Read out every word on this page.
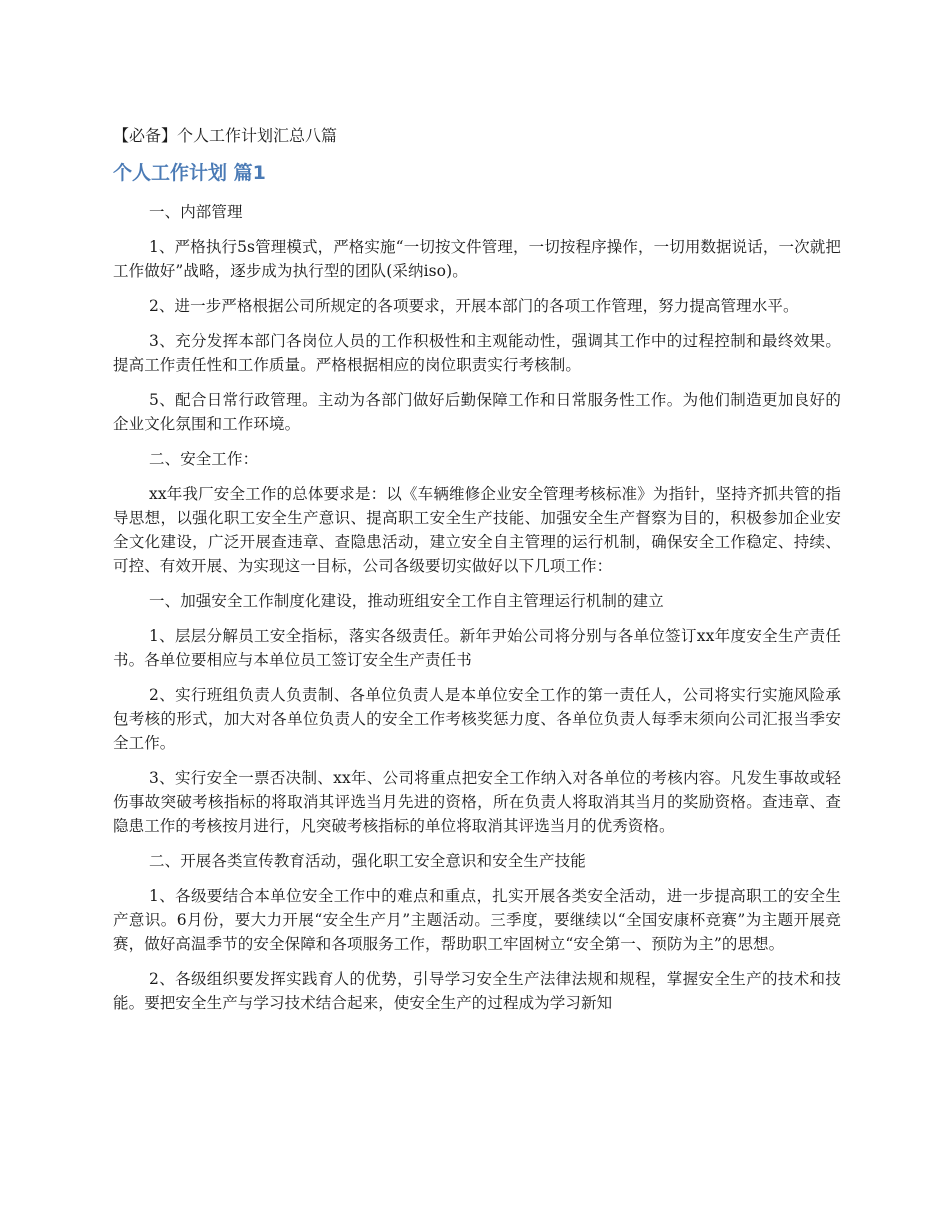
【必备】个人工作计划汇总八篇
个人工作计划 篇1

一、内部管理

1、严格执行5s管理模式，严格实施“一切按文件管理，一切按程序操作，一切用数据说话，一次就把工作做好”战略，逐步成为执行型的团队(采纳iso)。

2、进一步严格根据公司所规定的各项要求，开展本部门的各项工作管理，努力提高管理水平。

3、充分发挥本部门各岗位人员的工作积极性和主观能动性，强调其工作中的过程控制和最终效果。提高工作责任性和工作质量。严格根据相应的岗位职责实行考核制。

5、配合日常行政管理。主动为各部门做好后勤保障工作和日常服务性工作。为他们制造更加良好的企业文化氛围和工作环境。

二、安全工作：

xx年我厂安全工作的总体要求是：以《车辆维修企业安全管理考核标准》为指针，坚持齐抓共管的指导思想，以强化职工安全生产意识、提高职工安全生产技能、加强安全生产督察为目的，积极参加企业安全文化建设，广泛开展查违章、查隐患活动，建立安全自主管理的运行机制，确保安全工作稳定、持续、可控、有效开展、为实现这一目标，公司各级要切实做好以下几项工作：

一、加强安全工作制度化建设，推动班组安全工作自主管理运行机制的建立

1、层层分解员工安全指标，落实各级责任。新年尹始公司将分别与各单位签订xx年度安全生产责任书。各单位要相应与本单位员工签订安全生产责任书

2、实行班组负责人负责制、各单位负责人是本单位安全工作的第一责任人，公司将实行实施风险承包考核的形式，加大对各单位负责人的安全工作考核奖惩力度、各单位负责人每季末须向公司汇报当季安全工作。

3、实行安全一票否决制、xx年、公司将重点把安全工作纳入对各单位的考核内容。凡发生事故或轻伤事故突破考核指标的将取消其评选当月先进的资格，所在负责人将取消其当月的奖励资格。查违章、查隐患工作的考核按月进行，凡突破考核指标的单位将取消其评选当月的优秀资格。

二、开展各类宣传教育活动，强化职工安全意识和安全生产技能

1、各级要结合本单位安全工作中的难点和重点，扎实开展各类安全活动，进一步提高职工的安全生产意识。6月份，要大力开展“安全生产月”主题活动。三季度，要继续以“全国安康杯竞赛”为主题开展竞赛，做好高温季节的安全保障和各项服务工作，帮助职工牢固树立“安全第一、预防为主”的思想。

2、各级组织要发挥实践育人的优势，引导学习安全生产法律法规和规程，掌握安全生产的技术和技能。要把安全生产与学习技术结合起来，使安全生产的过程成为学习新知
